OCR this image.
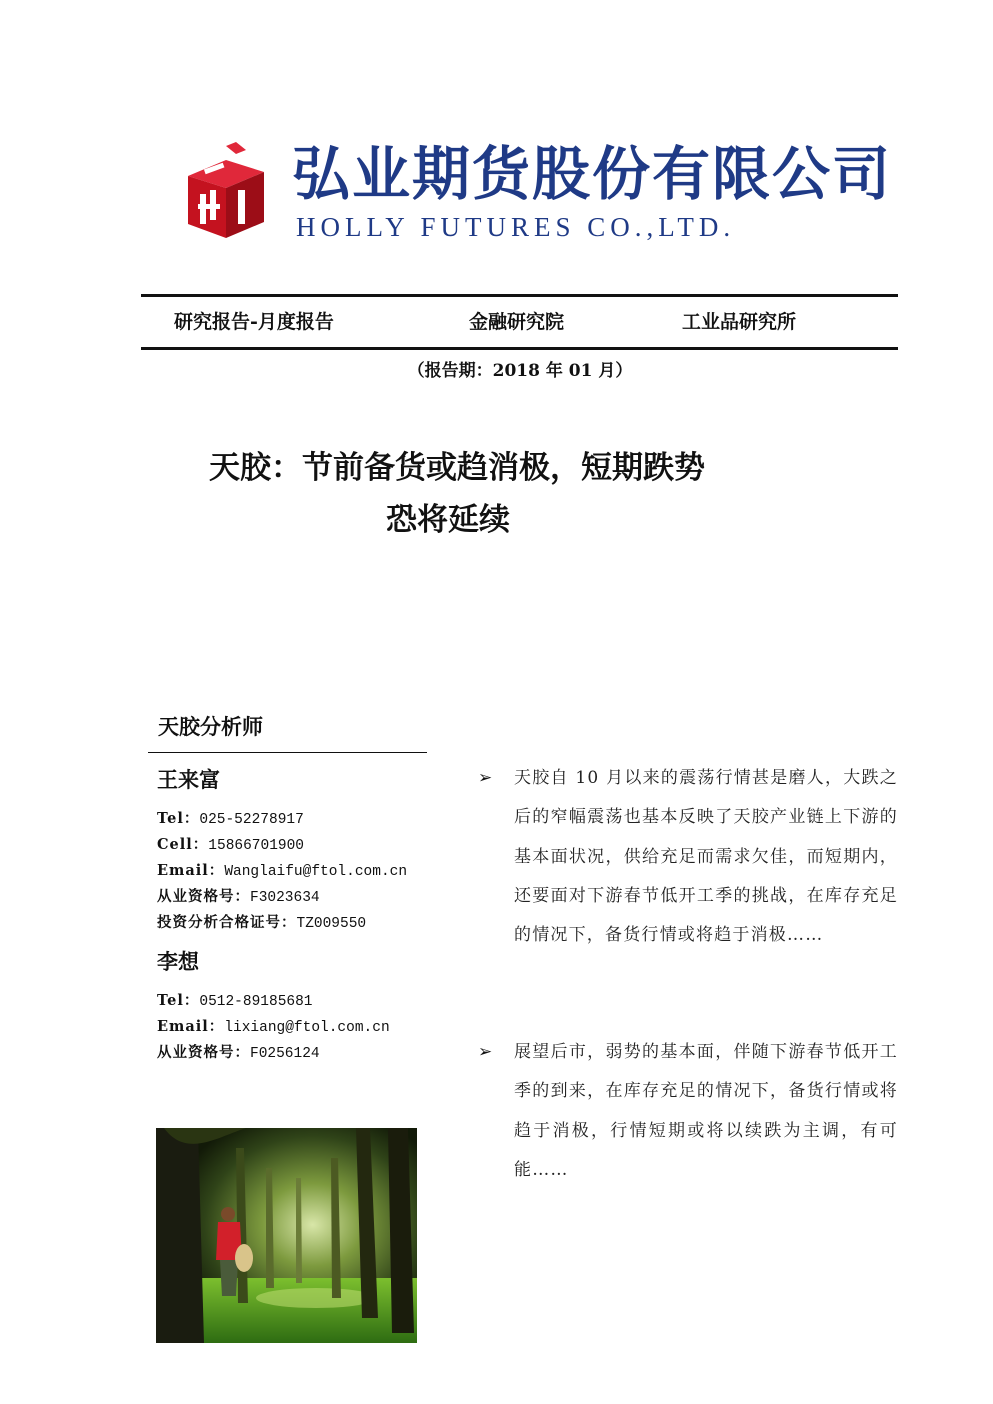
弘业期货股份有限公司
HOLLY FUTURES CO.,LTD.
研究报告-月度报告	金融研究院	工业品研究所
（报告期：2018 年 01 月）
天胶：节前备货或趋消极，短期跌势
恐将延续
天胶分析师
王来富
Tel：025-52278917
Cell：15866701900
Email：Wanglaifu@ftol.com.cn
从业资格号：F3023634
投资分析合格证号：TZ009550
李想
Tel：0512-89185681
Email：lixiang@ftol.com.cn
从业资格号：F0256124
➢ 天胶自 10 月以来的震荡行情甚是磨人，大跌之后的窄幅震荡也基本反映了天胶产业链上下游的基本面状况，供给充足而需求欠佳，而短期内，还要面对下游春节低开工季的挑战，在库存充足的情况下，备货行情或将趋于消极……
➢ 展望后市，弱势的基本面，伴随下游春节低开工季的到来，在库存充足的情况下，备货行情或将趋于消极，行情短期或将以续跌为主调，有可能……
